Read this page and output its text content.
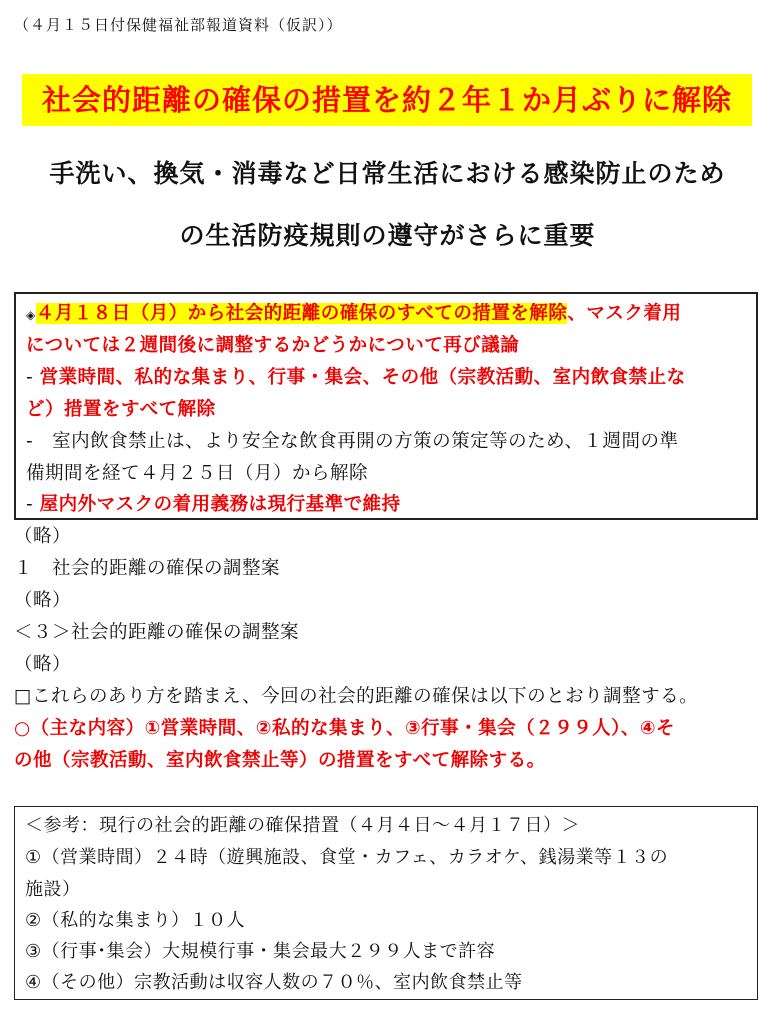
（４月１５日付保健福祉部報道資料（仮訳））
社会的距離の確保の措置を約２年１か月ぶりに解除
手洗い、換気・消毒など日常生活における感染防止のため
の生活防疫規則の遵守がさらに重要
◈４月１８日（月）から社会的距離の確保のすべての措置を解除、マスク着用
については２週間後に調整するかどうかについて再び議論
- 営業時間、私的な集まり、行事・集会、その他（宗教活動、室内飲食禁止な
ど）措置をすべて解除
-　室内飲食禁止は、より安全な飲食再開の方策の策定等のため、１週間の準
備期間を経て４月２５日（月）から解除
- 屋内外マスクの着用義務は現行基準で維持
（略）
１　社会的距離の確保の調整案
（略）
＜３＞社会的距離の確保の調整案
（略）
□これらのあり方を踏まえ、今回の社会的距離の確保は以下のとおり調整する。
○（主な内容）①営業時間、②私的な集まり、③行事・集会（２９９人）、④そ
の他（宗教活動、室内飲食禁止等）の措置をすべて解除する。
＜参考：現行の社会的距離の確保措置（４月４日～４月１７日）＞
①（営業時間）２４時（遊興施設、食堂・カフェ、カラオケ、銭湯業等１３の
施設）
②（私的な集まり）１０人
③（行事･集会）大規模行事・集会最大２９９人まで許容
④（その他）宗教活動は収容人数の７０％、室内飲食禁止等
